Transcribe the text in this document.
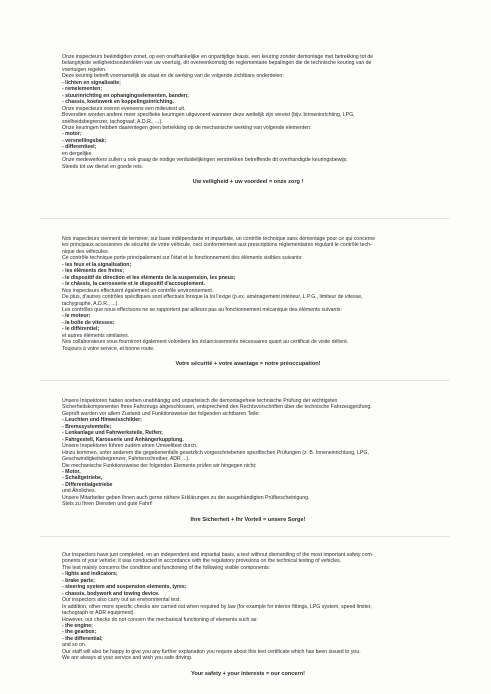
Onze inspecteurs beëindigden zonet, op een onafhankelijke en onpartijdige basis, een keuring zonder demontage met betrekking tot de

belangrijkste veiligheidsonderdelen van uw voertuig, dit overeenkomstig de reglementaire bepalingen die de technische keuring van de

voertuigen regelen.

Deze keuring betreft voornamelijk de staat en de werking van de volgende zichtbare onderdelen:

- lichten en signalisatie;

- remelementen;

- stuurinrichting en ophangingselementen, banden;

- chassis, koetswerk en koppelingsinrichting.

Onze inspecteurs voeren eveneens een milieutest uit.

Bovendien worden andere meer specifieke keuringen uitgevoerd wanneer deze wettelijk zijn vereist (bijv. binneninrichting, LPG,

snelheidsbegrenzer, tachograaf, A.D.R., ...).

Onze keuringen hebben daarentegen geen betrekking op de mechanische werking van volgende elementen:

- motor;

- versnellingsbak;

- differentieel;

en dergelijke.

Onze medewerkers zullen u ook graag de nodige verduidelijkingen verstrekken betreffende dit overhandigde keuringsbewijs.

Steeds tot uw dienst en goede reis.

Uw veiligheid + uw voordeel = onze zorg !

Nos inspecteurs viennent de terminer, sur base indépendante et impartiale, un contrôle technique sans démontage pour ce qui concerne

les principaux accessoires de sécurité de votre véhicule, ceci conformément aux prescriptions réglementaires régulant le contrôle tech-

nique des véhicules.

Ce contrôle technique porte principalement sur l'état et le fonctionnement des éléments visibles suivants:

- les feux et la signalisation;

- les éléments des freins;

- le dispositif de direction et les éléments de la suspension, les pneus;

- le châssis, la carrosserie et le dispositif d'accouplement.

Nos inspecteurs effectuent également un contrôle environnement.

De plus, d'autres contrôles spécifiques sont effectués lorsque la loi l'exige (p.ex. aménagement intérieur, L.P.G., limiteur de vitesse,

tachygraphe, A.D.R., ...).

Les contrôles que nous effectuons ne se rapportent par ailleurs pas au fonctionnement mécanique des éléments suivants:

- le moteur;

- la boîte de vitesses;

- le différentiel;

et autres éléments similaires.

Nos collaborateurs vous fourniront également volontiers les éclaircissements nécessaires quant au certificat de visite délivré.

Toujours à votre service, et bonne route.

Votre sécurité + votre avantage = notre préoccupation!

Unsere Inspektoren haben soeben unabhängig und unparteiisch die demontagefreie technische Prüfung der wichtigsten

Sicherheitskomponenten Ihres Fahrzeugs abgeschlossen, entsprechend den Rechtsvorschriften über die technische Fahrzeugprüfung.

Geprüft wurden vor allem Zustand und Funktionsweise der folgenden sichtbaren Teile:

- Leuchten und Hinweisschilder;

- Bremssystemteile;

- Lenkanlage und Fahrwerksteile, Reifen;

- Fahrgestell, Karosserie und Anhängerkupplung.

Unsere Inspektoren führen zudem einen Umwelttest durch.

Hinzu kommen, unter anderem die gegebenenfalls gesetzlich vorgeschriebenen spezifischen Prüfungen (z. B. Inneneinrichtung, LPG,

Geschwindigkeitsbegrenzer, Fahrtenschreiber, ADR ...).

Die mechanische Funktionsweise der folgenden Elemente prüfen wir hingegen nicht:

- Motor,

- Schaltgetriebe,

- Differentialgetriebe

und Ähnliches.

Unsere Mitarbeiter geben Ihnen auch gerne nähere Erklärungen zu der ausgehändigten Prüfbescheinigung.

Stets zu Ihren Diensten und gute Fahrt!

Ihre Sicherheit + Ihr Vorteil = unsere Sorge!

Our inspectors have just completed, on an independent and impartial basis, a test without dismantling of the most important safety com-

ponents of your vehicle; it was conducted in accordance with the regulatory provisions on the technical testing of vehicles.

The test mainly concerns the condition and functioning of the following visible components:

- lights and indicators;

- brake parts;

- steering system and suspension elements, tyres;

- chassis, bodywork and towing device.

Our inspectors also carry out an environmental test.

In addition, other more specific checks are carried out when required by law (for example for interior fittings, LPG system, speed limiter,

tachograph or ADR equipment).

However, our checks do not concern the mechanical functioning of elements such as:

- the engine;

- the gearbox;

- the differential;

and so on.

Our staff will also be happy to give you any further explanation you require about this test certificate which has been issued to you.

We are always at your service and wish you safe driving.

Your safety + your interests = our concern!
